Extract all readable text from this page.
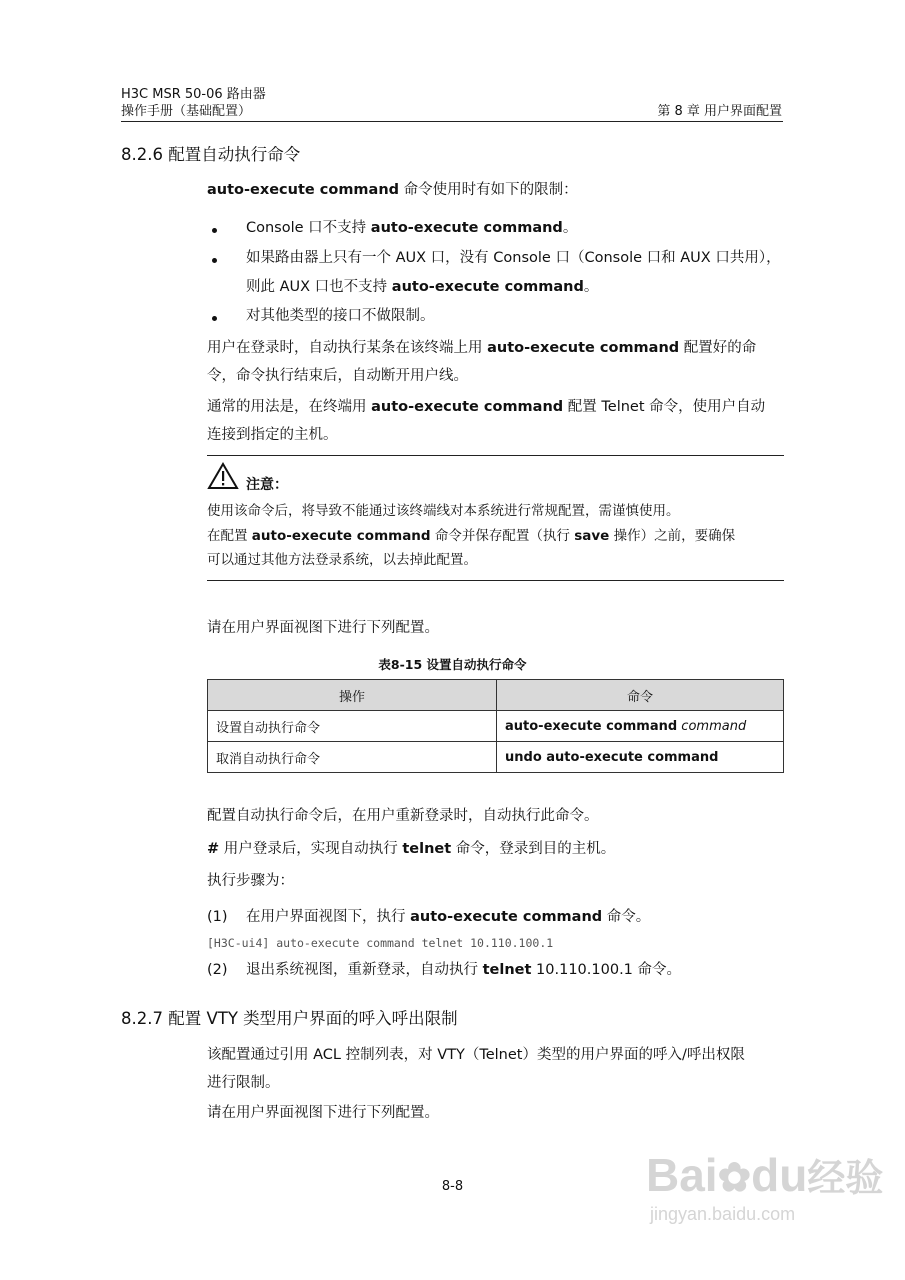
H3C MSR 50-06 路由器
操作手册（基础配置）	第 8 章 用户界面配置
8.2.6 配置自动执行命令
auto-execute command 命令使用时有如下的限制：
Console 口不支持 auto-execute command。
如果路由器上只有一个 AUX 口，没有 Console 口（Console 口和 AUX 口共用），
则此 AUX 口也不支持 auto-execute command。
对其他类型的接口不做限制。
用户在登录时，自动执行某条在该终端上用 auto-execute command 配置好的命
令，命令执行结束后，自动断开用户线。
通常的用法是，在终端用 auto-execute command 配置 Telnet 命令，使用户自动
连接到指定的主机。
注意：
使用该命令后，将导致不能通过该终端线对本系统进行常规配置，需谨慎使用。
在配置 auto-execute command 命令并保存配置（执行 save 操作）之前，要确保
可以通过其他方法登录系统，以去掉此配置。
请在用户界面视图下进行下列配置。
表8-15 设置自动执行命令
操作	命令
设置自动执行命令	auto-execute command command
取消自动执行命令	undo auto-execute command
配置自动执行命令后，在用户重新登录时，自动执行此命令。
# 用户登录后，实现自动执行 telnet 命令，登录到目的主机。
执行步骤为：
(1) 在用户界面视图下，执行 auto-execute command 命令。
[H3C-ui4] auto-execute command telnet 10.110.100.1
(2) 退出系统视图，重新登录，自动执行 telnet 10.110.100.1 命令。
8.2.7 配置 VTY 类型用户界面的呼入呼出限制
该配置通过引用 ACL 控制列表，对 VTY（Telnet）类型的用户界面的呼入/呼出权限
进行限制。
请在用户界面视图下进行下列配置。
8-8	Bai✿du经验
jingyan.baidu.com
